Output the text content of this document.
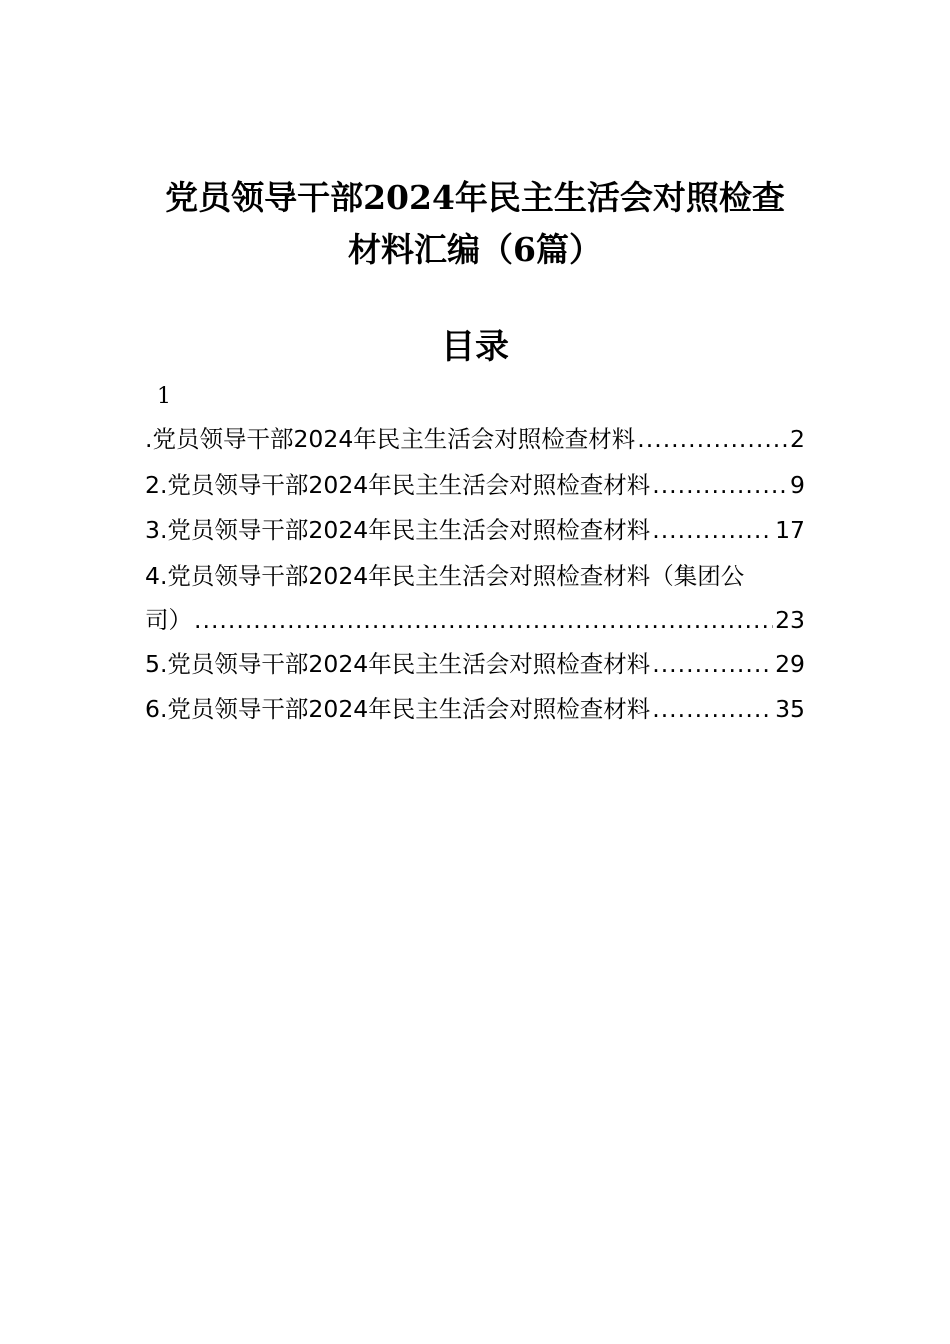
党员领导干部2024年民主生活会对照检查
材料汇编（6篇）
目录
1
.党员领导干部2024年民主生活会对照检查材料 .....	2
2.党员领导干部2024年民主生活会对照检查材料 .....	9
3.党员领导干部2024年民主生活会对照检查材料 .....	17
4.党员领导干部2024年民主生活会对照检查材料（集团公
司） .....	23
5.党员领导干部2024年民主生活会对照检查材料 .....	29
6.党员领导干部2024年民主生活会对照检查材料 .....	35
